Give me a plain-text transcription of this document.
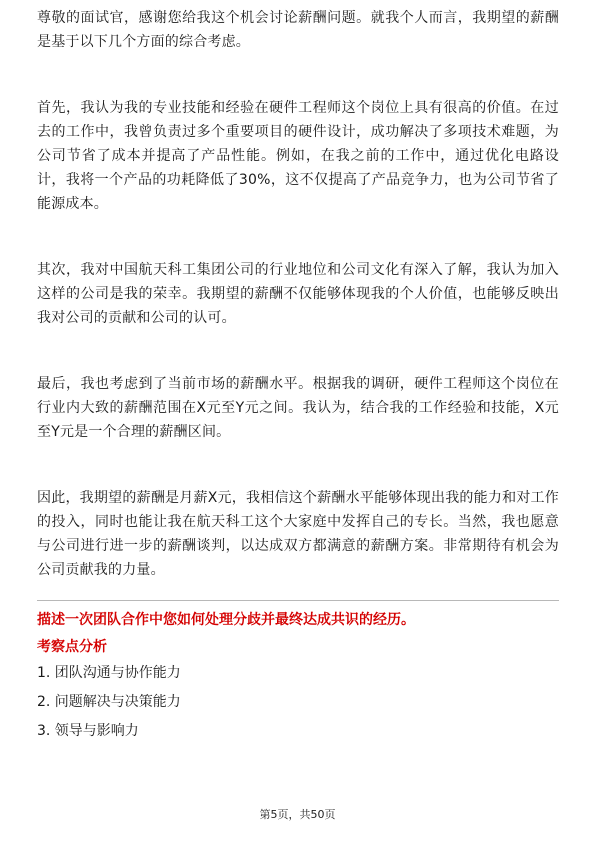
尊敬的面试官，感谢您给我这个机会讨论薪酬问题。就我个人而言，我期望的薪酬是基于以下几个方面的综合考虑。

首先，我认为我的专业技能和经验在硬件工程师这个岗位上具有很高的价值。在过去的工作中，我曾负责过多个重要项目的硬件设计，成功解决了多项技术难题，为公司节省了成本并提高了产品性能。例如，在我之前的工作中，通过优化电路设计，我将一个产品的功耗降低了30%，这不仅提高了产品竞争力，也为公司节省了能源成本。

其次，我对中国航天科工集团公司的行业地位和公司文化有深入了解，我认为加入这样的公司是我的荣幸。我期望的薪酬不仅能够体现我的个人价值，也能够反映出我对公司的贡献和公司的认可。

最后，我也考虑到了当前市场的薪酬水平。根据我的调研，硬件工程师这个岗位在行业内大致的薪酬范围在X元至Y元之间。我认为，结合我的工作经验和技能，X元至Y元是一个合理的薪酬区间。

因此，我期望的薪酬是月薪X元，我相信这个薪酬水平能够体现出我的能力和对工作的投入，同时也能让我在航天科工这个大家庭中发挥自己的专长。当然，我也愿意与公司进行进一步的薪酬谈判，以达成双方都满意的薪酬方案。非常期待有机会为公司贡献我的力量。

描述一次团队合作中您如何处理分歧并最终达成共识的经历。
考察点分析
1. 团队沟通与协作能力
2. 问题解决与决策能力
3. 领导与影响力
第5页，共50页
